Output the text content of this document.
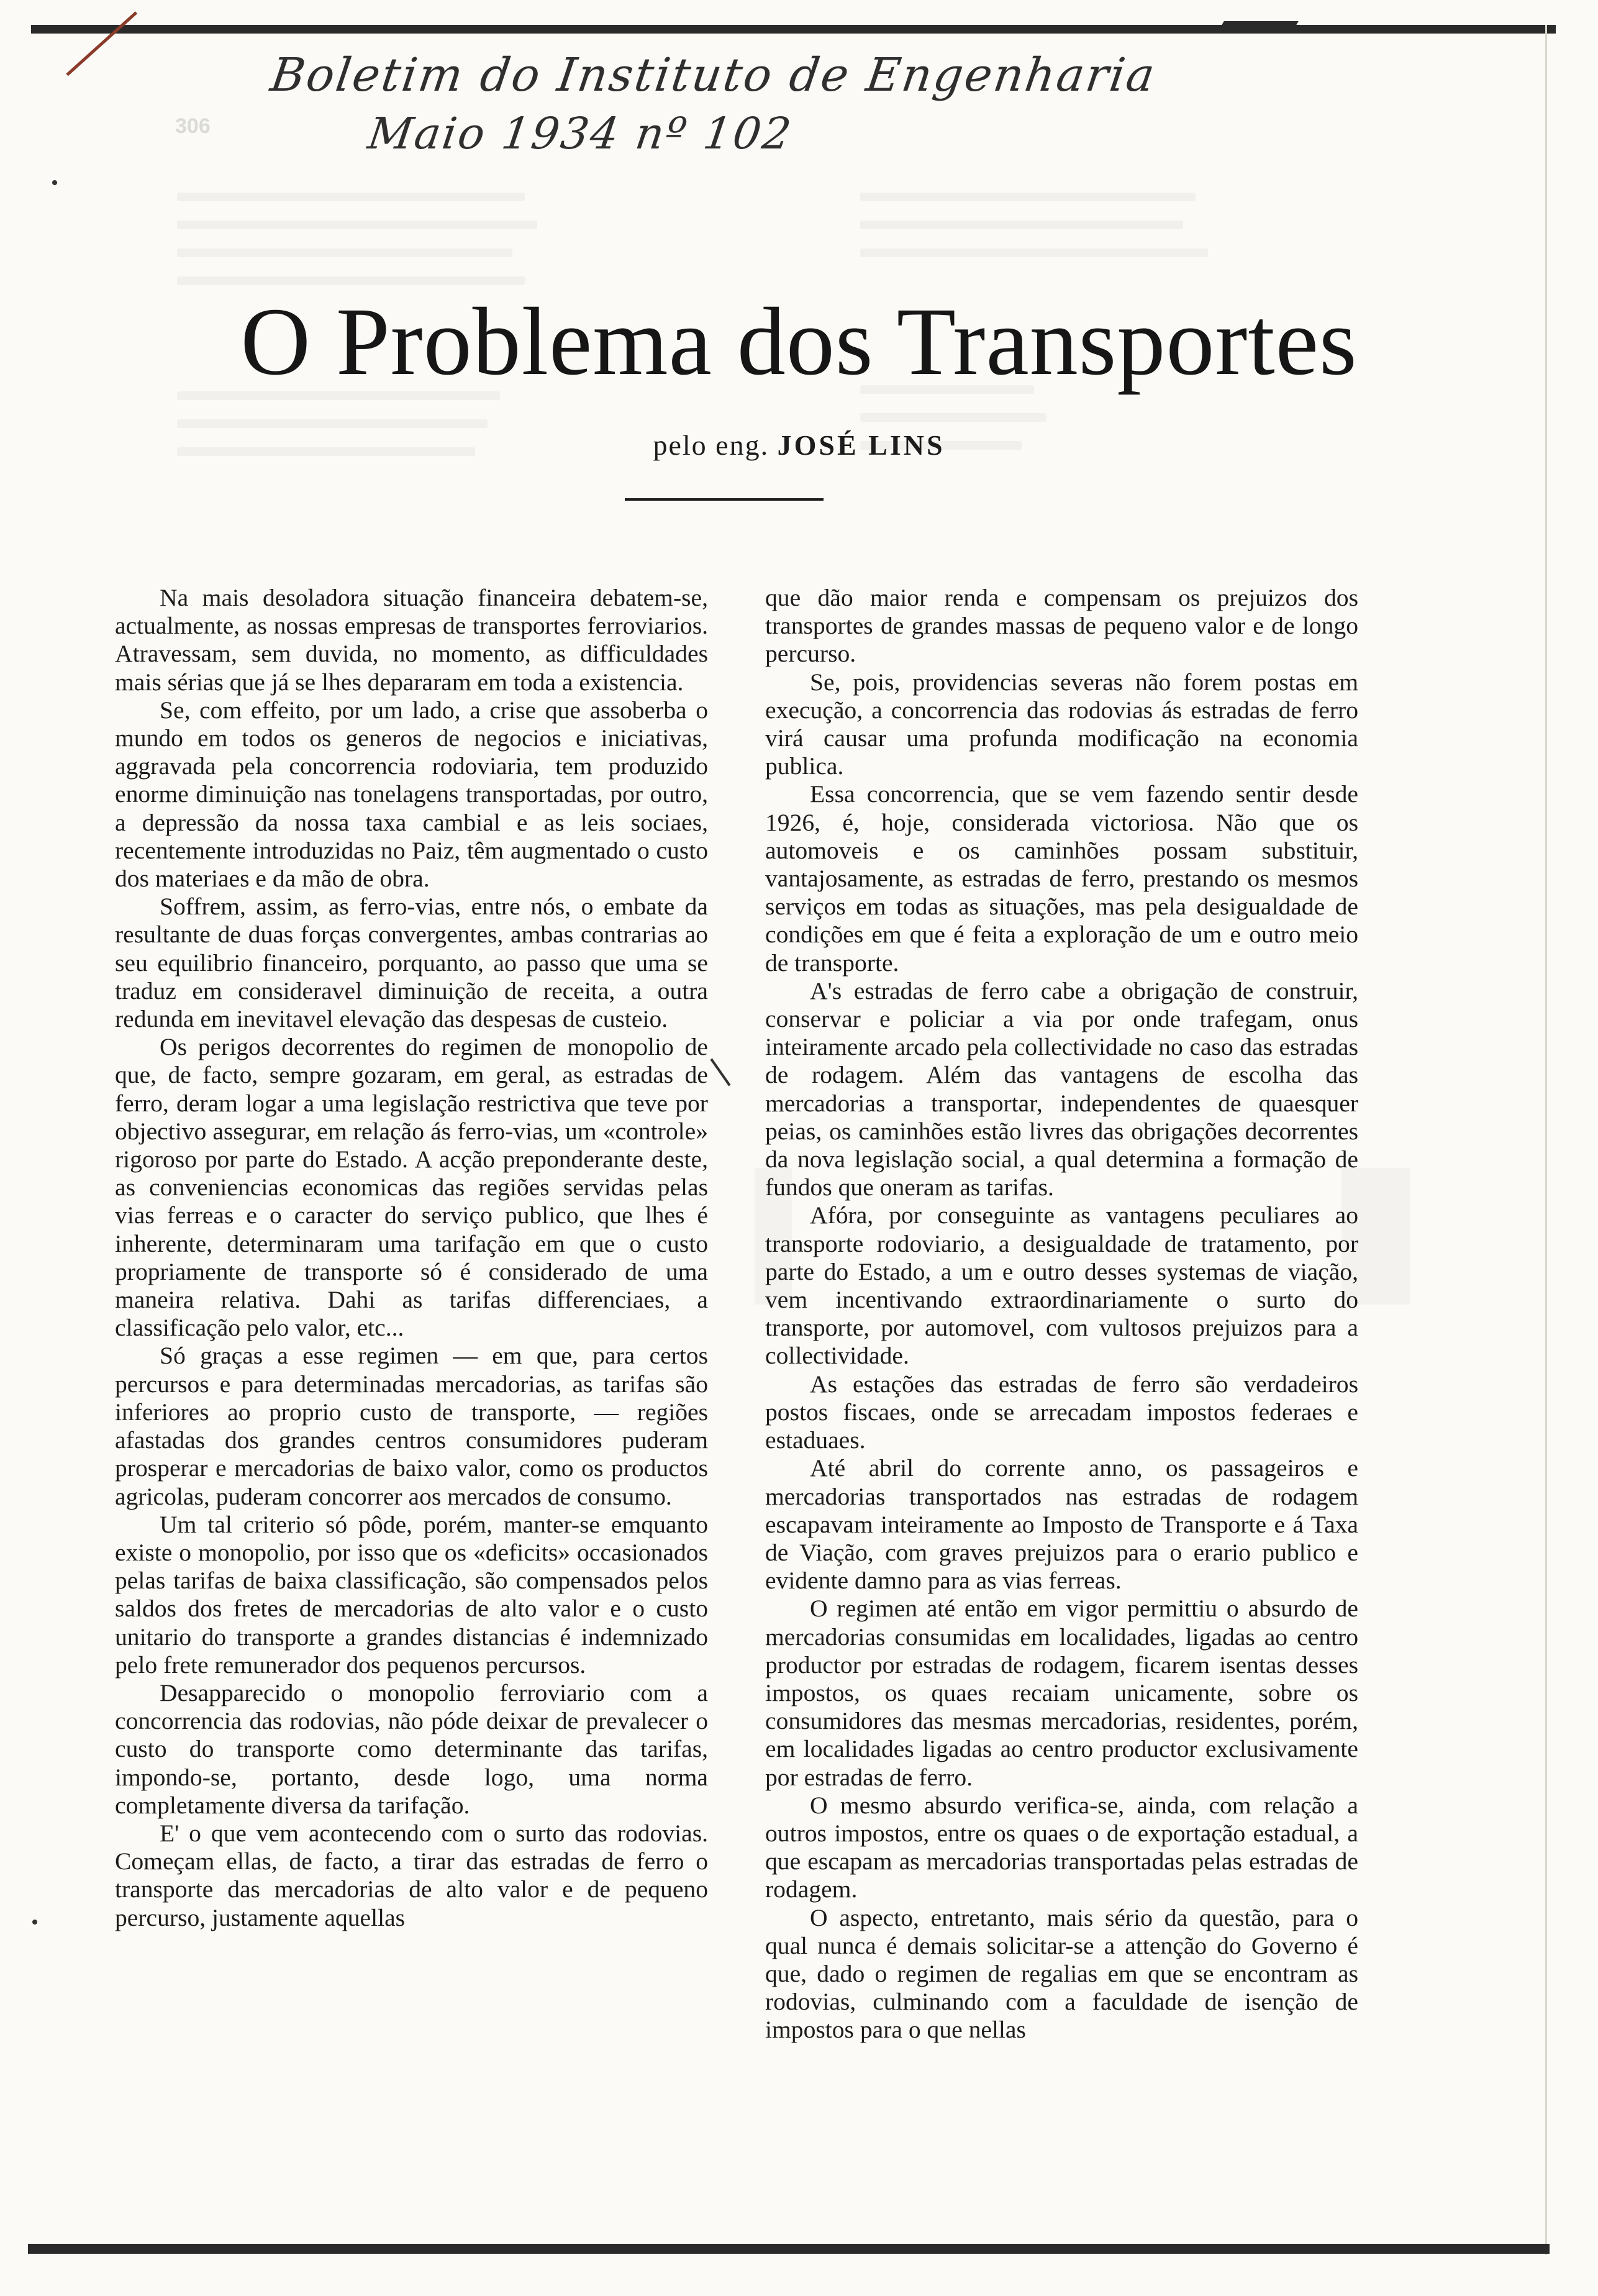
306
Boletim do Instituto de Engenharia
Maio 1934 nº 102
O Problema dos Transportes
pelo eng. JOSÉ LINS

Na mais desoladora situação financeira debatem-se, actualmente, as nossas empresas de transportes ferroviarios. Atravessam, sem duvida, no momento, as difficuldades mais sérias que já se lhes depararam em toda a existencia.

Se, com effeito, por um lado, a crise que assoberba o mundo em todos os generos de negocios e iniciativas, aggravada pela concorrencia rodoviaria, tem produzido enorme diminuição nas tonelagens transportadas, por outro, a depressão da nossa taxa cambial e as leis sociaes, recentemente introduzidas no Paiz, têm augmentado o custo dos materiaes e da mão de obra.

Soffrem, assim, as ferro-vias, entre nós, o embate da resultante de duas forças convergentes, ambas contrarias ao seu equilibrio financeiro, porquanto, ao passo que uma se traduz em consideravel diminuição de receita, a outra redunda em inevitavel elevação das despesas de custeio.

Os perigos decorrentes do regimen de monopolio de que, de facto, sempre gozaram, em geral, as estradas de ferro, deram logar a uma legislação restrictiva que teve por objectivo assegurar, em relação ás ferro-vias, um «controle» rigoroso por parte do Estado. A acção preponderante deste, as conveniencias economicas das regiões servidas pelas vias ferreas e o caracter do serviço publico, que lhes é inherente, determinaram uma tarifação em que o custo propriamente de transporte só é considerado de uma maneira relativa. Dahi as tarifas differenciaes, a classificação pelo valor, etc...

Só graças a esse regimen — em que, para certos percursos e para determinadas mercadorias, as tarifas são inferiores ao proprio custo de transporte, — regiões afastadas dos grandes centros consumidores puderam prosperar e mercadorias de baixo valor, como os productos agricolas, puderam concorrer aos mercados de consumo.

Um tal criterio só pôde, porém, manter-se emquanto existe o monopolio, por isso que os «deficits» occasionados pelas tarifas de baixa classificação, são compensados pelos saldos dos fretes de mercadorias de alto valor e o custo unitario do transporte a grandes distancias é indemnizado pelo frete remunerador dos pequenos percursos.

Desapparecido o monopolio ferroviario com a concorrencia das rodovias, não póde deixar de prevalecer o custo do transporte como determinante das tarifas, impondo-se, portanto, desde logo, uma norma completamente diversa da tarifação.

E' o que vem acontecendo com o surto das rodovias. Começam ellas, de facto, a tirar das estradas de ferro o transporte das mercadorias de alto valor e de pequeno percurso, justamente aquellas

que dão maior renda e compensam os prejuizos dos transportes de grandes massas de pequeno valor e de longo percurso.

Se, pois, providencias severas não forem postas em execução, a concorrencia das rodovias ás estradas de ferro virá causar uma profunda modificação na economia publica.

Essa concorrencia, que se vem fazendo sentir desde 1926, é, hoje, considerada victoriosa. Não que os automoveis e os caminhões possam substituir, vantajosamente, as estradas de ferro, prestando os mesmos serviços em todas as situações, mas pela desigualdade de condições em que é feita a exploração de um e outro meio de transporte.

A's estradas de ferro cabe a obrigação de construir, conservar e policiar a via por onde trafegam, onus inteiramente arcado pela collectividade no caso das estradas de rodagem. Além das vantagens de escolha das mercadorias a transportar, independentes de quaesquer peias, os caminhões estão livres das obrigações decorrentes da nova legislação social, a qual determina a formação de fundos que oneram as tarifas.

Afóra, por conseguinte as vantagens peculiares ao transporte rodoviario, a desigualdade de tratamento, por parte do Estado, a um e outro desses systemas de viação, vem incentivando extraordinariamente o surto do transporte, por automovel, com vultosos prejuizos para a collectividade.

As estações das estradas de ferro são verdadeiros postos fiscaes, onde se arrecadam impostos federaes e estaduaes.

Até abril do corrente anno, os passageiros e mercadorias transportados nas estradas de rodagem escapavam inteiramente ao Imposto de Transporte e á Taxa de Viação, com graves prejuizos para o erario publico e evidente damno para as vias ferreas.

O regimen até então em vigor permittiu o absurdo de mercadorias consumidas em localidades, ligadas ao centro productor por estradas de rodagem, ficarem isentas desses impostos, os quaes recaiam unicamente, sobre os consumidores das mesmas mercadorias, residentes, porém, em localidades ligadas ao centro productor exclusivamente por estradas de ferro.

O mesmo absurdo verifica-se, ainda, com relação a outros impostos, entre os quaes o de exportação estadual, a que escapam as mercadorias transportadas pelas estradas de rodagem.

O aspecto, entretanto, mais sério da questão, para o qual nunca é demais solicitar-se a attenção do Governo é que, dado o regimen de regalias em que se encontram as rodovias, culminando com a faculdade de isenção de impostos para o que nellas
